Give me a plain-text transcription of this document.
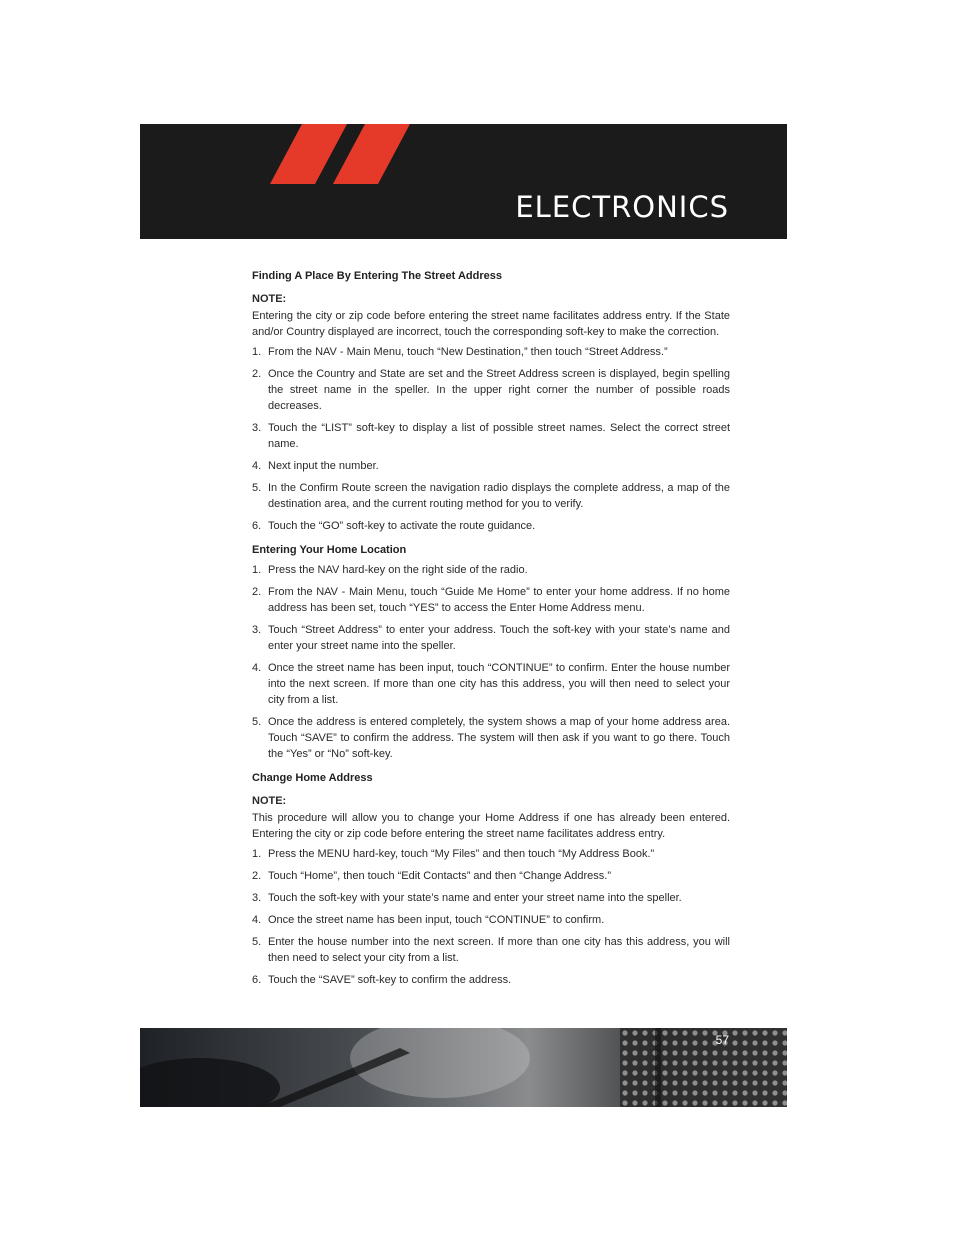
ELECTRONICS
Finding A Place By Entering The Street Address
NOTE:

Entering the city or zip code before entering the street name facilitates address entry. If the State and/or Country displayed are incorrect, touch the corresponding soft-key to make the correction.

1. From the NAV - Main Menu, touch “New Destination,” then touch “Street Address.”
2. Once the Country and State are set and the Street Address screen is displayed, begin spelling the street name in the speller. In the upper right corner the number of possible roads decreases.
3. Touch the “LIST” soft-key to display a list of possible street names. Select the correct street name.
4. Next input the number.
5. In the Confirm Route screen the navigation radio displays the complete address, a map of the destination area, and the current routing method for you to verify.
6. Touch the “GO” soft-key to activate the route guidance.
Entering Your Home Location
1. Press the NAV hard-key on the right side of the radio.
2. From the NAV - Main Menu, touch “Guide Me Home” to enter your home address. If no home address has been set, touch “YES” to access the Enter Home Address menu.
3. Touch “Street Address” to enter your address. Touch the soft-key with your state’s name and enter your street name into the speller.
4. Once the street name has been input, touch “CONTINUE” to confirm. Enter the house number into the next screen. If more than one city has this address, you will then need to select your city from a list.
5. Once the address is entered completely, the system shows a map of your home address area. Touch “SAVE” to confirm the address. The system will then ask if you want to go there. Touch the “Yes” or “No” soft-key.
Change Home Address
NOTE:

This procedure will allow you to change your Home Address if one has already been entered. Entering the city or zip code before entering the street name facilitates address entry.

1. Press the MENU hard-key, touch “My Files” and then touch “My Address Book.”
2. Touch “Home”, then touch “Edit Contacts” and then “Change Address.”
3. Touch the soft-key with your state’s name and enter your street name into the speller.
4. Once the street name has been input, touch “CONTINUE” to confirm.
5. Enter the house number into the next screen. If more than one city has this address, you will then need to select your city from a list.
6. Touch the “SAVE” soft-key to confirm the address.
57
